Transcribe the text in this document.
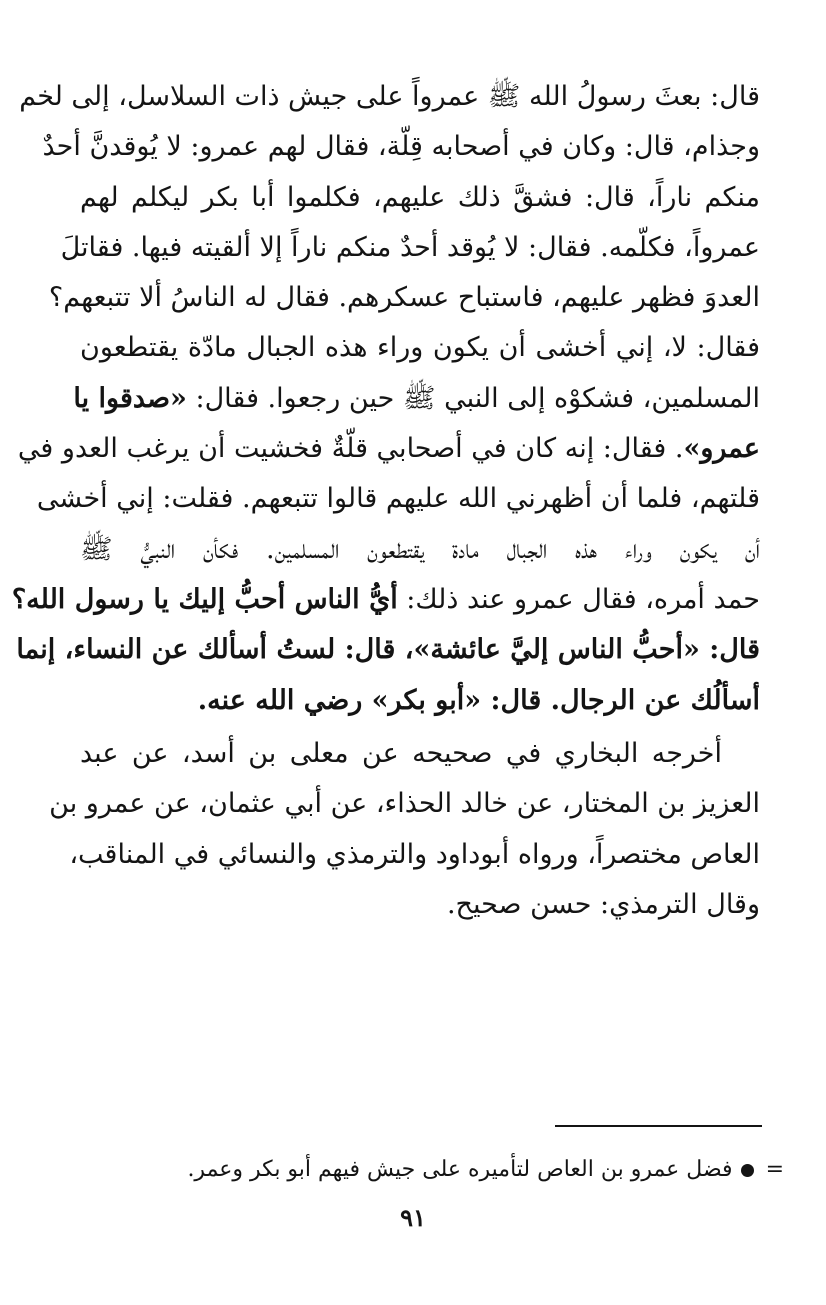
قال: بعثَ رسولُ الله ﷺ عمرواً على جيش ذات السلاسل، إلى لخم
وجذام، قال: وكان في أصحابه قِلّة، فقال لهم عمرو: لا يُوقدنَّ أحدٌ
منكم ناراً، قال: فشقَّ ذلك عليهم، فكلموا أبا بكر ليكلم لهم
عمرواً، فكلّمه. فقال: لا يُوقد أحدٌ منكم ناراً إلا ألقيته فيها. فقاتلَ
العدوَ فظهر عليهم، فاستباح عسكرهم. فقال له الناسُ ألا تتبعهم؟
فقال: لا، إني أخشى أن يكون وراء هذه الجبال مادّة يقتطعون
المسلمين، فشكوْه إلى النبي ﷺ حين رجعوا. فقال: «صدقوا يا
عمرو». فقال: إنه كان في أصحابي قلّةٌ فخشيت أن يرغب العدو في
قلتهم، فلما أن أظهرني الله عليهم قالوا تتبعهم. فقلت: إني أخشى
أن يكون وراء هذه الجبال مادة يقتطعون المسلمين. فكأن النبيُّ ﷺ
حمد أمره، فقال عمرو عند ذلك: أيُّ الناس أحبُّ إليك يا رسول الله؟
قال: «أحبُّ الناس إليَّ عائشة»، قال: لستُ أسألك عن النساء، إنما
أسألُك عن الرجال. قال: «أبو بكر» رضي الله عنه.
أخرجه البخاري في صحيحه عن معلى بن أسد، عن عبد
العزيز بن المختار، عن خالد الحذاء، عن أبي عثمان، عن عمرو بن
العاص مختصراً، ورواه أبوداود والترمذي والنسائي في المناقب،
وقال الترمذي: حسن صحيح.
=فضل عمرو بن العاص لتأميره على جيش فيهم أبو بكر وعمر.
٩١
